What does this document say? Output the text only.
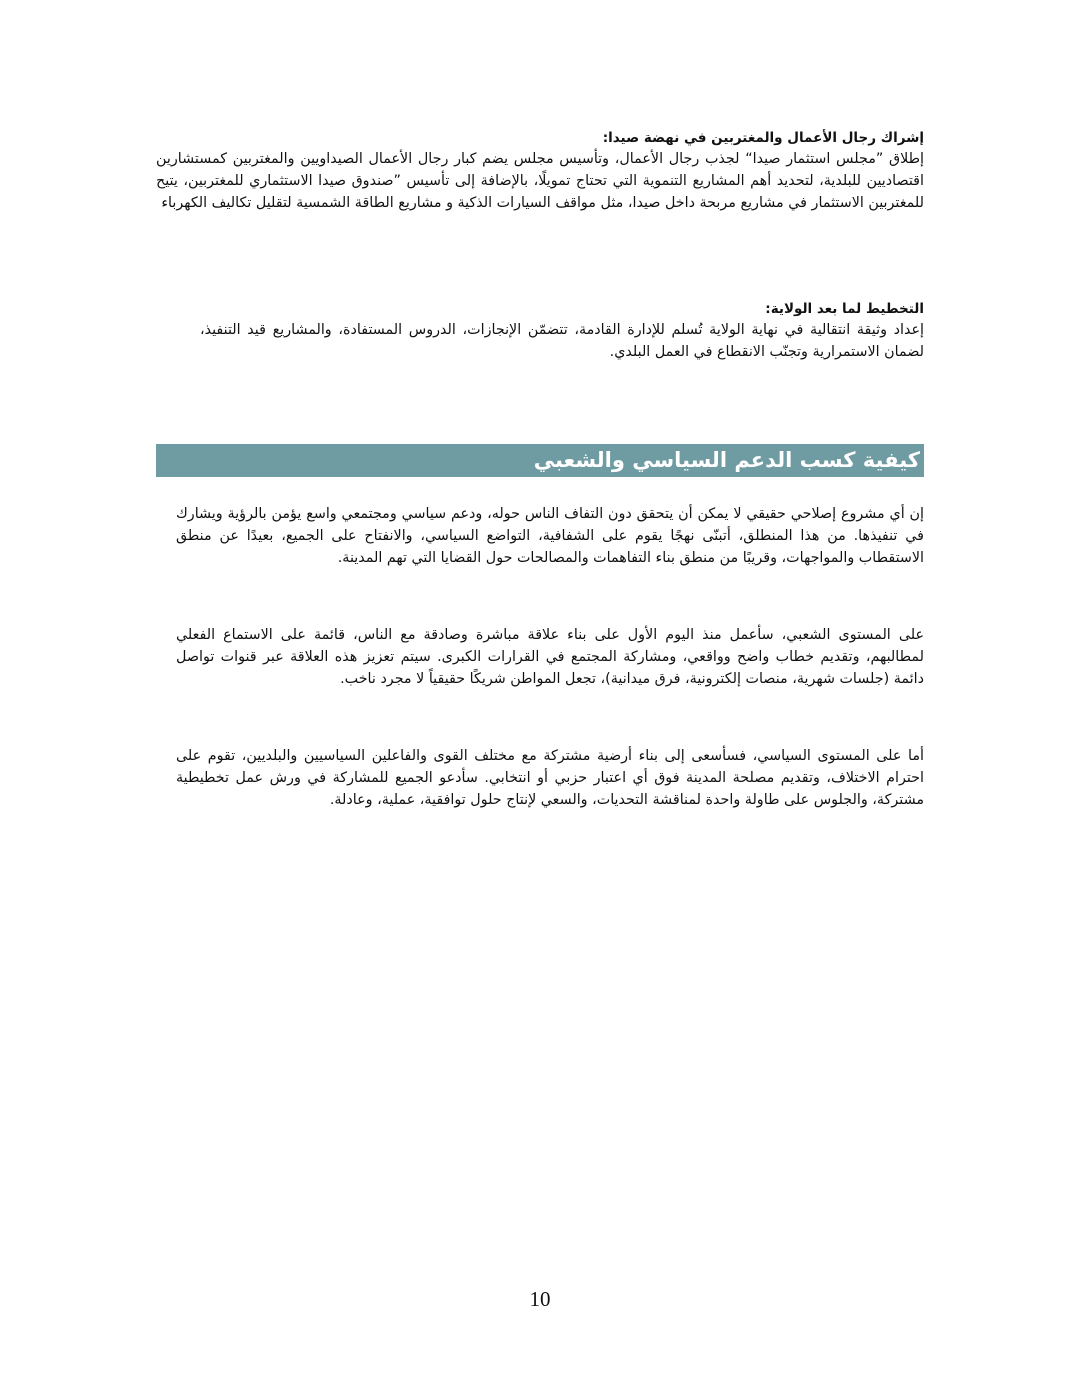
إشراك رجال الأعمال والمغتربين في نهضة صيدا:

إطلاق ”مجلس استثمار صيدا“ لجذب رجال الأعمال، وتأسيس مجلس يضم كبار رجال الأعمال الصيداويين والمغتربين كمستشارين اقتصاديين للبلدية، لتحديد أهم المشاريع التنموية التي تحتاج تمويلًا، بالإضافة إلى تأسيس ”صندوق صيدا الاستثماري للمغتربين، يتيح للمغتربين الاستثمار في مشاريع مربحة داخل صيدا، مثل مواقف السيارات الذكية و مشاريع الطاقة الشمسية لتقليل تكاليف الكهرباء

التخطيط لما بعد الولاية:

إعداد وثيقة انتقالية في نهاية الولاية تُسلم للإدارة القادمة، تتضمّن الإنجازات، الدروس المستفادة، والمشاريع قيد التنفيذ، لضمان الاستمرارية وتجنّب الانقطاع في العمل البلدي.

كيفية كسب الدعم السياسي والشعبي

إن أي مشروع إصلاحي حقيقي لا يمكن أن يتحقق دون التفاف الناس حوله، ودعم سياسي ومجتمعي واسع يؤمن بالرؤية ويشارك في تنفيذها. من هذا المنطلق، أتبنّى نهجًا يقوم على الشفافية، التواضع السياسي، والانفتاح على الجميع، بعيدًا عن منطق الاستقطاب والمواجهات، وقريبًا من منطق بناء التفاهمات والمصالحات حول القضايا التي تهم المدينة.

على المستوى الشعبي، سأعمل منذ اليوم الأول على بناء علاقة مباشرة وصادقة مع الناس، قائمة على الاستماع الفعلي لمطالبهم، وتقديم خطاب واضح وواقعي، ومشاركة المجتمع في القرارات الكبرى. سيتم تعزيز هذه العلاقة عبر قنوات تواصل دائمة (جلسات شهرية، منصات إلكترونية، فرق ميدانية)، تجعل المواطن شريكًا حقيقياً لا مجرد ناخب.

أما على المستوى السياسي، فسأسعى إلى بناء أرضية مشتركة مع مختلف القوى والفاعلين السياسيين والبلديين، تقوم على احترام الاختلاف، وتقديم مصلحة المدينة فوق أي اعتبار حزبي أو انتخابي. سأدعو الجميع للمشاركة في ورش عمل تخطيطية مشتركة، والجلوس على طاولة واحدة لمناقشة التحديات، والسعي لإنتاج حلول توافقية، عملية، وعادلة.

10
